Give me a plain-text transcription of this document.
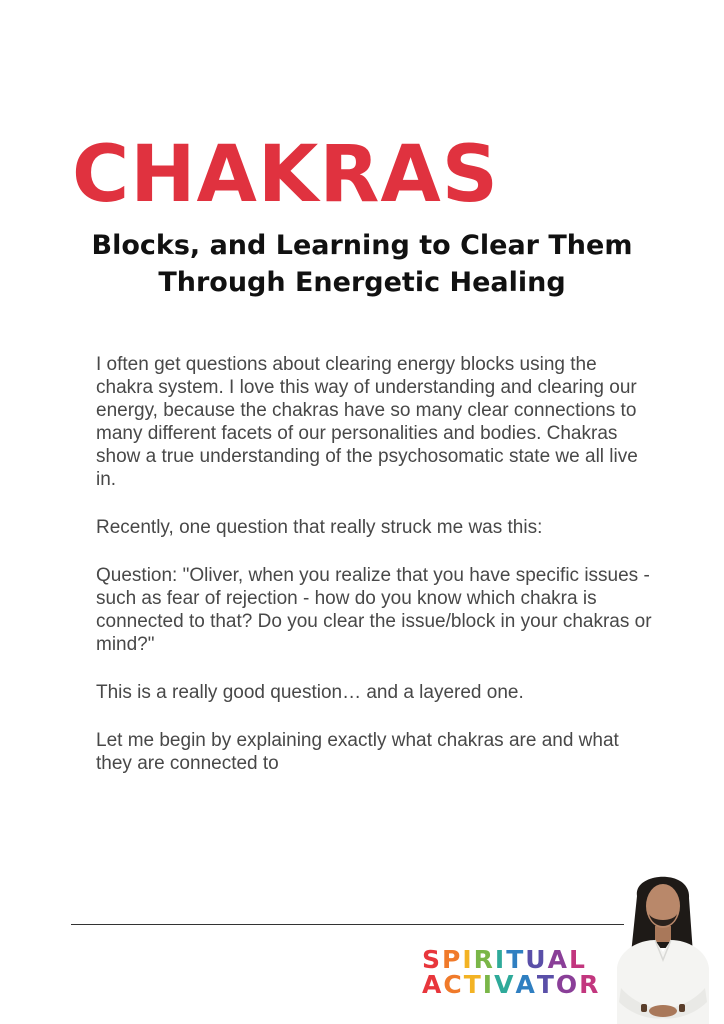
CHAKRAS
Blocks, and Learning to Clear Them
Through Energetic Healing

I often get questions about clearing energy blocks using the chakra system. I love this way of understanding and clearing our energy, because the chakras have so many clear connections to many different facets of our personalities and bodies. Chakras show a true understanding of the psychosomatic state we all live in.

Recently, one question that really struck me was this:

Question: "Oliver, when you realize that you have specific issues - such as fear of rejection - how do you know which chakra is connected to that? Do you clear the issue/block in your chakras or mind?"

This is a really good question… and a layered one.

Let me begin by explaining exactly what chakras are and what they are connected to

SPIRITUAL
ACTIVATOR
